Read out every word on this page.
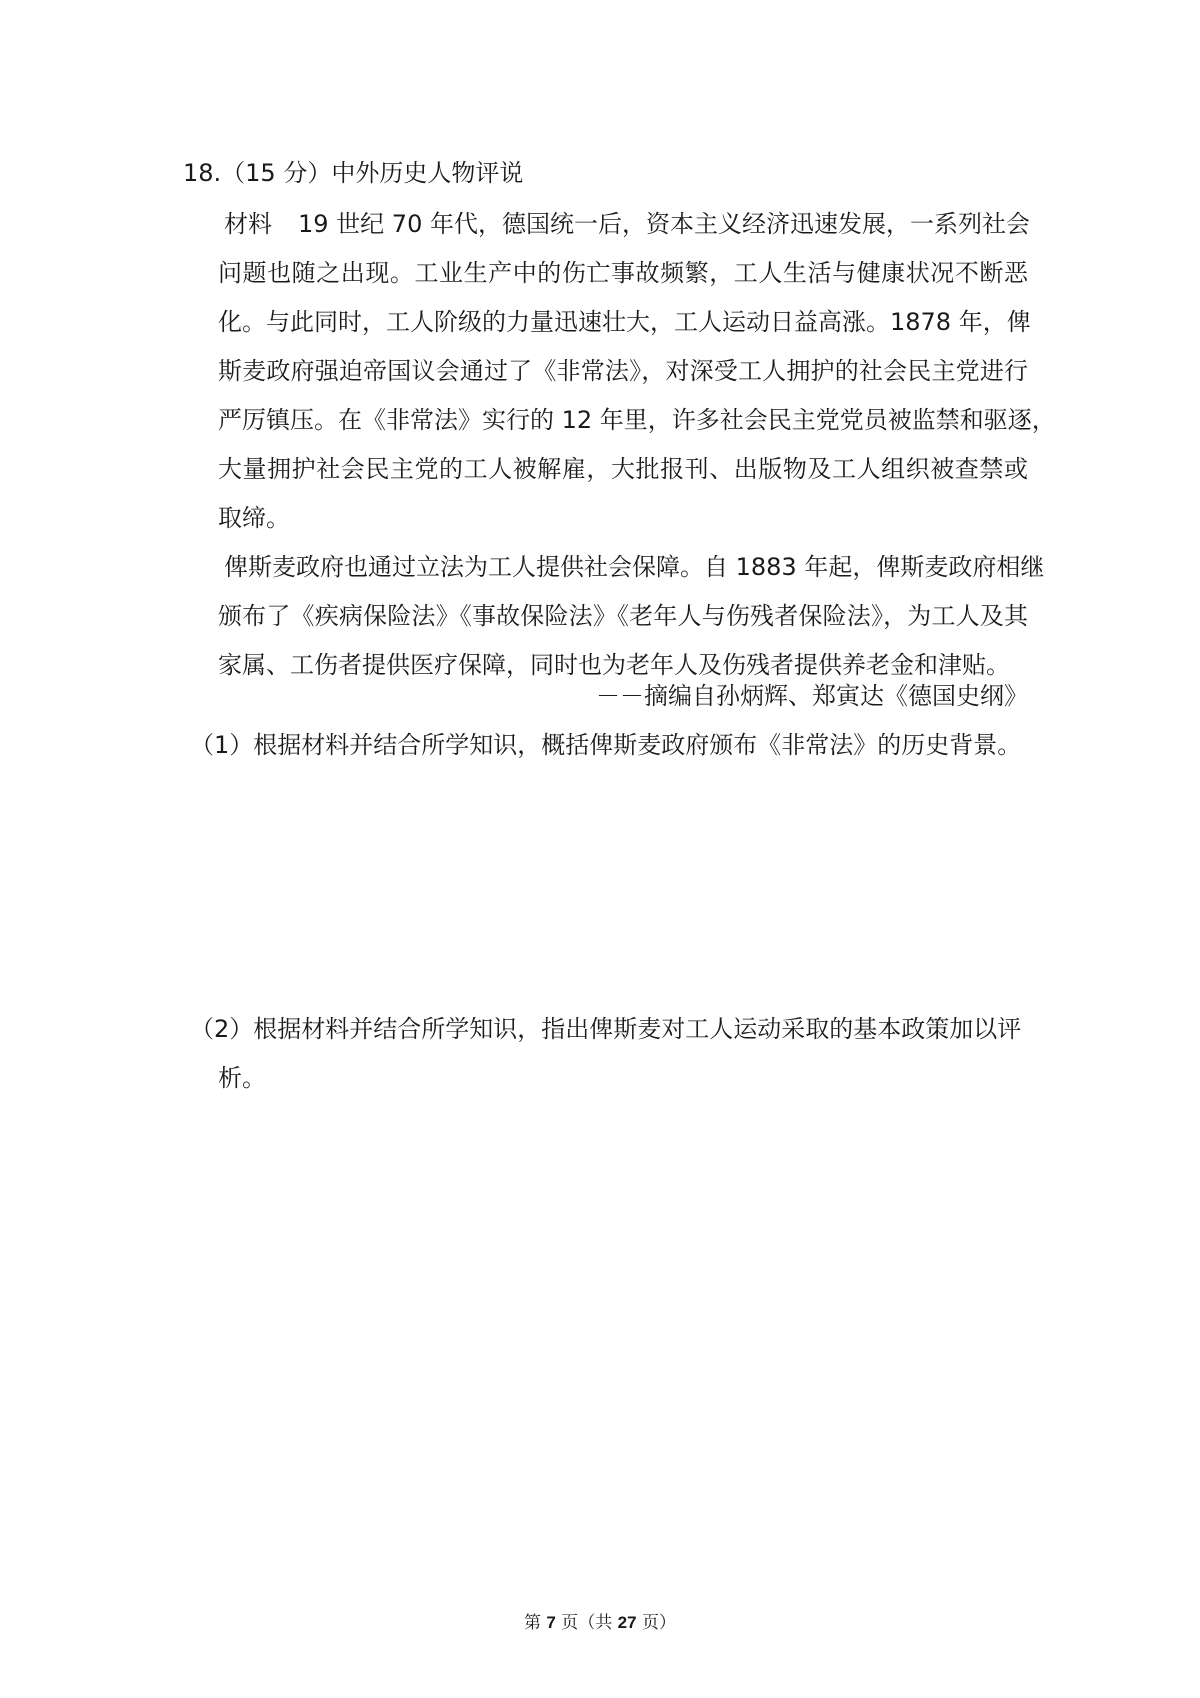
18.（15 分）中外历史人物评说
材料 19 世纪 70 年代，德国统一后，资本主义经济迅速发展，一系列社会
问题也随之出现。工业生产中的伤亡事故频繁，工人生活与健康状况不断恶
化。与此同时，工人阶级的力量迅速壮大，工人运动日益高涨。1878 年，俾
斯麦政府强迫帝国议会通过了《非常法》，对深受工人拥护的社会民主党进行
严厉镇压。在《非常法》实行的 12 年里，许多社会民主党党员被监禁和驱逐，
大量拥护社会民主党的工人被解雇，大批报刊、出版物及工人组织被查禁或
取缔。
俾斯麦政府也通过立法为工人提供社会保障。自 1883 年起，俾斯麦政府相继
颁布了《疾病保险法》《事故保险法》《老年人与伤残者保险法》，为工人及其
家属、工伤者提供医疗保障，同时也为老年人及伤残者提供养老金和津贴。
－－摘编自孙炳辉、郑寅达《德国史纲》
（1）根据材料并结合所学知识，概括俾斯麦政府颁布《非常法》的历史背景。
（2）根据材料并结合所学知识，指出俾斯麦对工人运动采取的基本政策加以评
析。
第 7 页（共 27 页）
